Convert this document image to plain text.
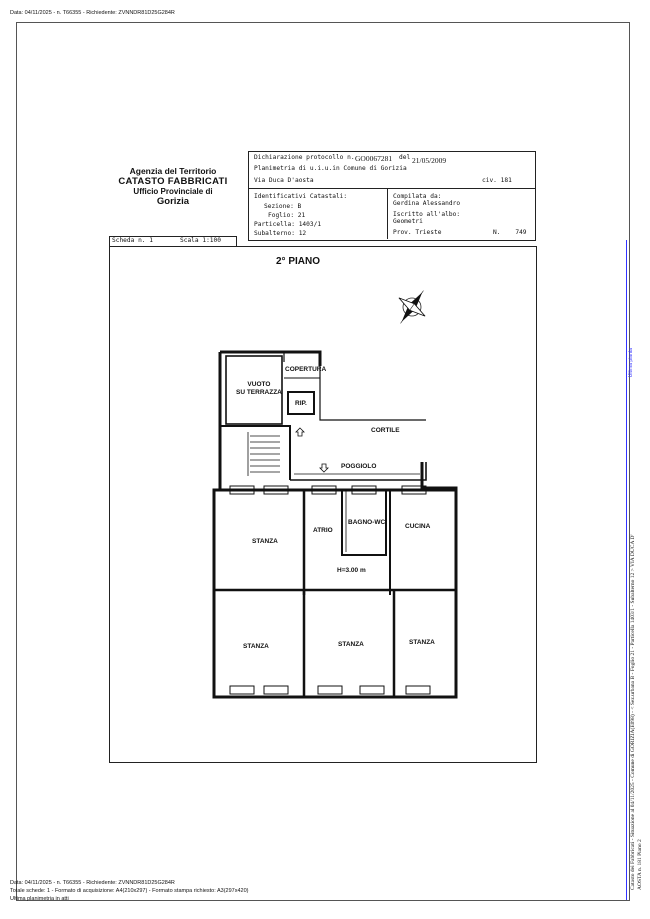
Data: 04/11/2025 - n. T66355 - Richiedente: ZVNNDR81D25G284R
Agenzia del Territorio
CATASTO FABBRICATI
Ufficio Provinciale di
Gorizia
Dichiarazione protocollo n. GO0067281 del 21/05/2009
Planimetria di u.i.u.in Comune di Gorizia
Via Duca D'aosta	civ. 181
Identificativi Catastali:
Sezione: B
Foglio: 21
Particella: 1403/1
Subalterno: 12
Compilata da:
Gerdina Alessandro
Iscritto all'albo:
Geometri
Prov. Trieste	N.    749
Scheda n. 1	Scala 1:100
2° PIANO
VUOTO
SU TERRAZZA
COPERTURA
RIP.
CORTILE
POGGIOLO
STANZA
ATRIO
BAGNO-WC
CUCINA
H=3.00 m
STANZA	STANZA	STANZA
Ultima pianta
Catasto dei Fabbricati - Situazione al 04/11/2025 - Comune di GORIZIA(E098) - < Sez.urbana B - Foglio 21 - Particella 1403/1 - Subalterno 12 > VIA DUCA D' AOSTA n. 181 Piano 2
Data: 04/11/2025 - n. T66355 - Richiedente: ZVNNDR81D25G284R
Totale schede: 1 - Formato di acquisizione: A4(210x297) - Formato stampa richiesto: A3(297x420)
Ultima planimetria in atti
